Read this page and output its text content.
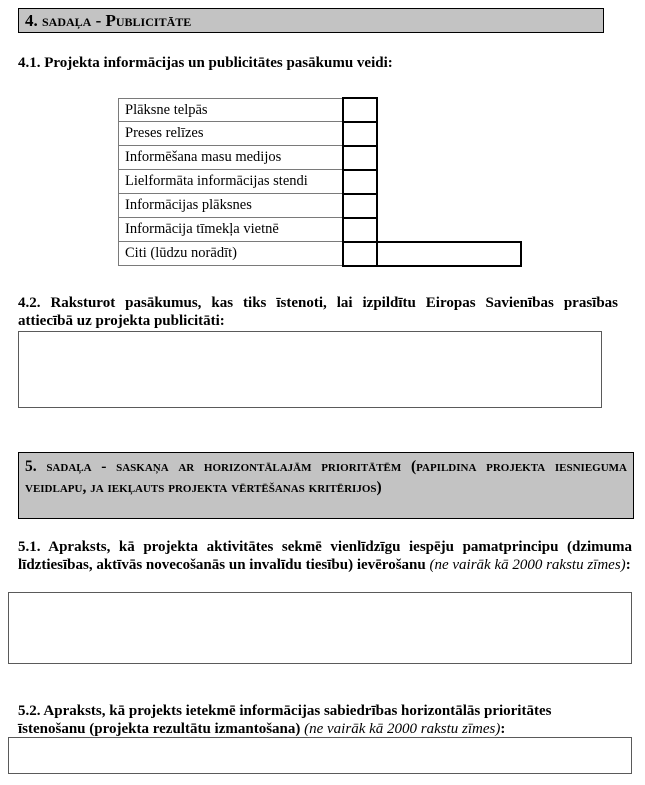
4. sadaļa - Publicitāte
4.1. Projekta informācijas un publicitātes pasākumu veidi:
Plāksne telpās
Preses relīzes
Informēšana masu medijos
Lielformāta informācijas stendi
Informācijas plāksnes
Informācija tīmekļa vietnē
Citi (lūdzu norādīt)
4.2. Raksturot pasākumus, kas tiks īstenoti, lai izpildītu Eiropas Savienības prasības
attiecībā uz projekta publicitāti:
5. sadaļa - saskaņa ar horizontālajām prioritātēm (papildina projekta iesnieguma veidlapu, ja iekļauts projekta vērtēšanas kritērijos)
5.1. Apraksts, kā projekta aktivitātes sekmē vienlīdzīgu iespēju pamatprincipu (dzimuma
līdztiesības, aktīvās novecošanās un invalīdu tiesību) ievērošanu (ne vairāk kā 2000 rakstu zīmes):
5.2. Apraksts, kā projekts ietekmē informācijas sabiedrības horizontālās prioritātes
īstenošanu (projekta rezultātu izmantošana) (ne vairāk kā 2000 rakstu zīmes):
